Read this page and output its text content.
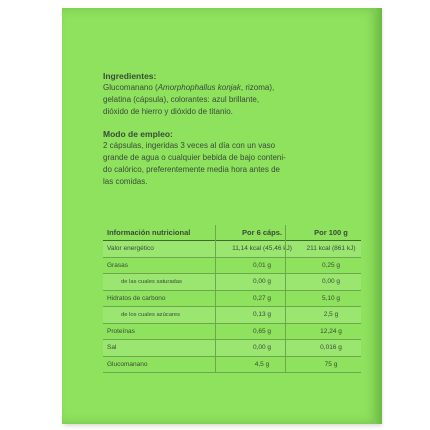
Ingredientes:

Glucomanano (Amorphophallus konjak, rizoma),

gelatina (cápsula), colorantes: azul brillante,

dióxido de hierro y dióxido de titanio.

Modo de empleo:

2 cápsulas, ingeridas 3 veces al día con un vaso

grande de agua o cualquier bebida de bajo conteni-

do calórico, preferentemente media hora antes de

las comidas.

Información nutricional	Por 6 cáps.	Por 100 g
Valor energético	11,14 kcal (45,46 kJ)	211 kcal (861 kJ)
Grasas	0,01 g	0,25 g
de las cuales saturadas	0,00 g	0,00 g
Hidratos de carbono	0,27 g	5,10 g
de los cuales azúcares	0,13 g	2,5 g
Proteínas	0,65 g	12,24 g
Sal	0,00 g	0,016 g
Glucomanano	4,5 g	75 g
